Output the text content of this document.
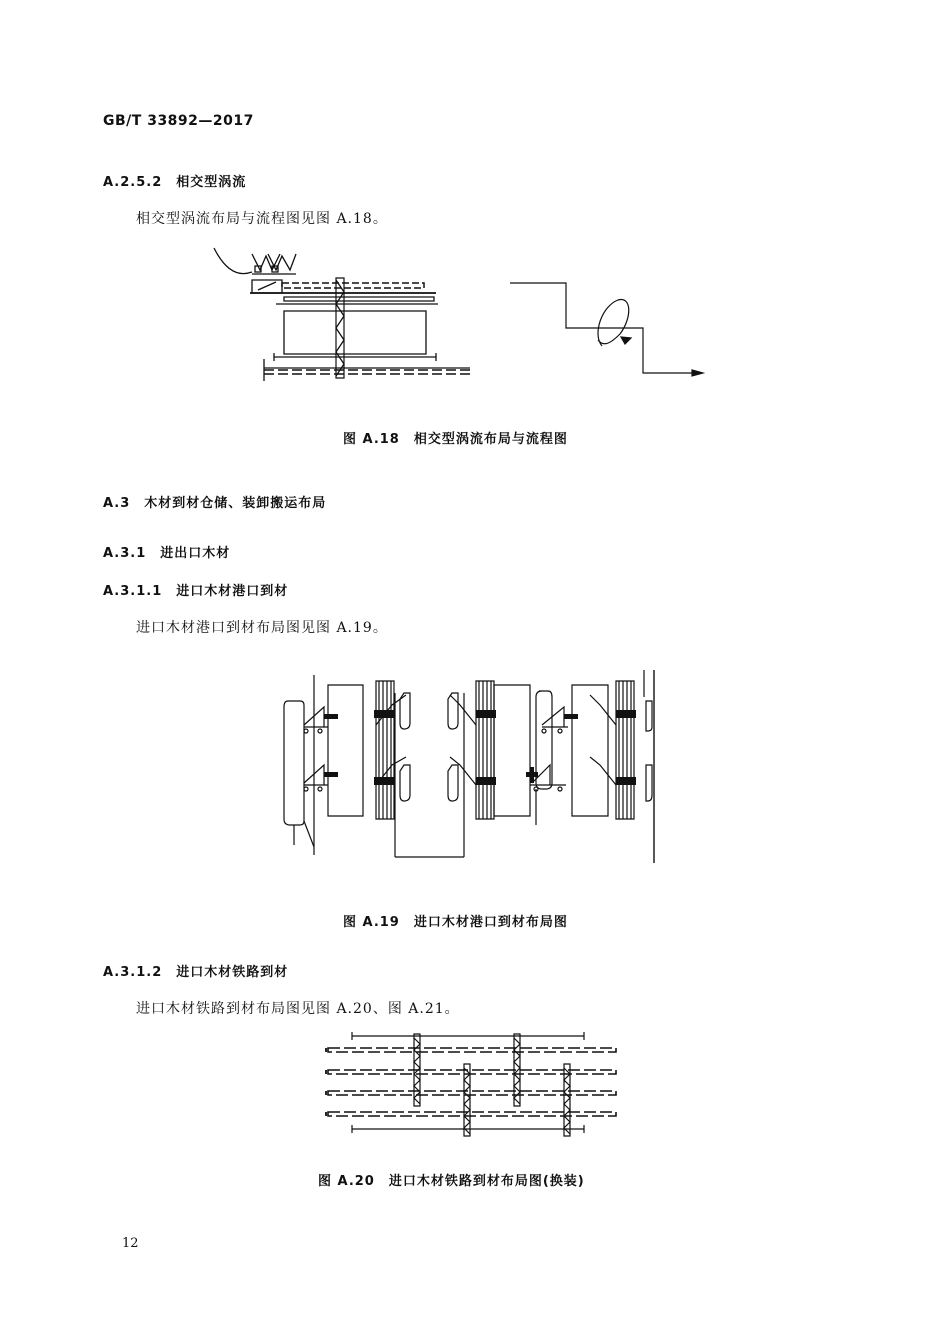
GB/T 33892—2017
A.2.5.2　相交型涡流
相交型涡流布局与流程图见图 A.18。
图 A.18　相交型涡流布局与流程图
A.3　木材到材仓储、装卸搬运布局
A.3.1　进出口木材
A.3.1.1　进口木材港口到材
进口木材港口到材布局图见图 A.19。
图 A.19　进口木材港口到材布局图
A.3.1.2　进口木材铁路到材
进口木材铁路到材布局图见图 A.20、图 A.21。
图 A.20　进口木材铁路到材布局图(换装)
12
